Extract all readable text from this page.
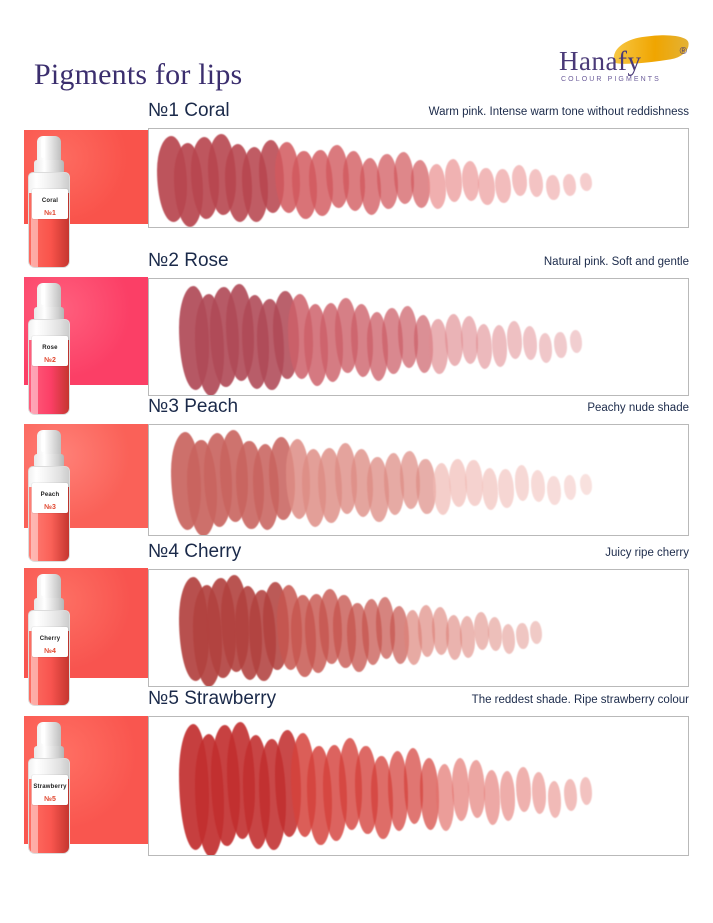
Pigments for lips	Hanafy	®
COLOUR PIGMENTS
№1 Coral	Warm pink. Intense warm tone without reddishness
№2 Rose	Natural pink. Soft and gentle
№3 Peach	Peachy nude shade
№4 Cherry	Juicy ripe cherry
№5 Strawberry	The reddest shade. Ripe strawberry colour
Coral
№1
Rose
№2
Peach
№3
Cherry
№4
Strawberry
№5
